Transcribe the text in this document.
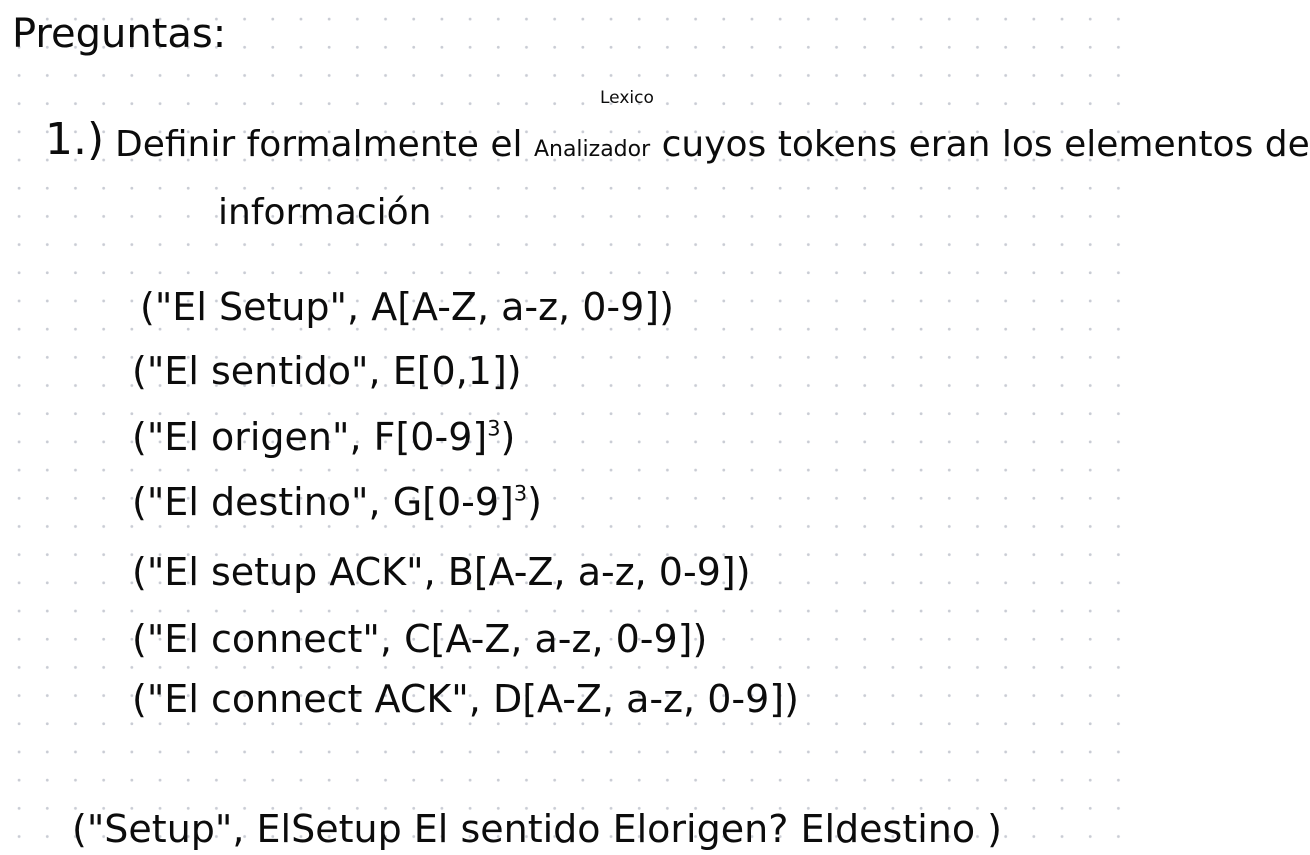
Preguntas:
Lexico
1.) Definir formalmente el Analizador cuyos tokens eran los elementos de
información
("El Setup", A[A-Z, a-z, 0-9])
("El sentido", E[0,1])
("El origen", $F[0-9]^3$)
("El destino", $G[0-9]^3$)
("El setup ACK", B[A-Z, a-z, 0-9])
("El connect", C[A-Z, a-z, 0-9])
("El connect ACK", D[A-Z, a-z, 0-9])
("Setup", ElSetup El sentido Elorigen? Eldestino )
